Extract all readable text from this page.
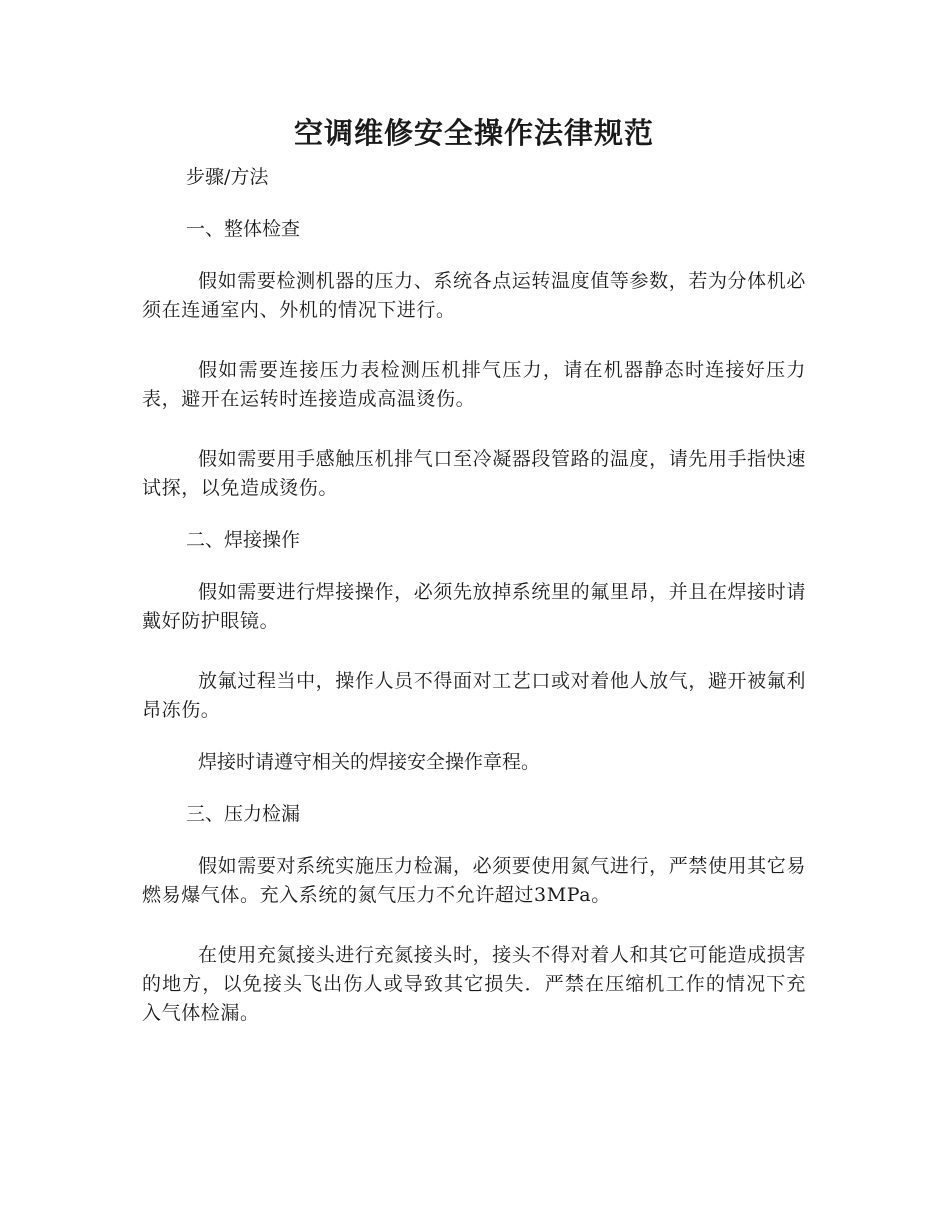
空调维修安全操作法律规范

步骤/方法

一、整体检查

假如需要检测机器的压力、系统各点运转温度值等参数，若为分体机必须在连通室内、外机的情况下进行。

假如需要连接压力表检测压机排气压力，请在机器静态时连接好压力表，避开在运转时连接造成高温烫伤。

假如需要用手感触压机排气口至冷凝器段管路的温度，请先用手指快速试探，以免造成烫伤。

二、焊接操作

假如需要进行焊接操作，必须先放掉系统里的氟里昂，并且在焊接时请戴好防护眼镜。

放氟过程当中，操作人员不得面对工艺口或对着他人放气，避开被氟利昂冻伤。

焊接时请遵守相关的焊接安全操作章程。

三、压力检漏

假如需要对系统实施压力检漏，必须要使用氮气进行，严禁使用其它易燃易爆气体。充入系统的氮气压力不允许超过3MPa。

在使用充氮接头进行充氮接头时，接头不得对着人和其它可能造成损害的地方，以免接头飞出伤人或导致其它损失．严禁在压缩机工作的情况下充入气体检漏。
